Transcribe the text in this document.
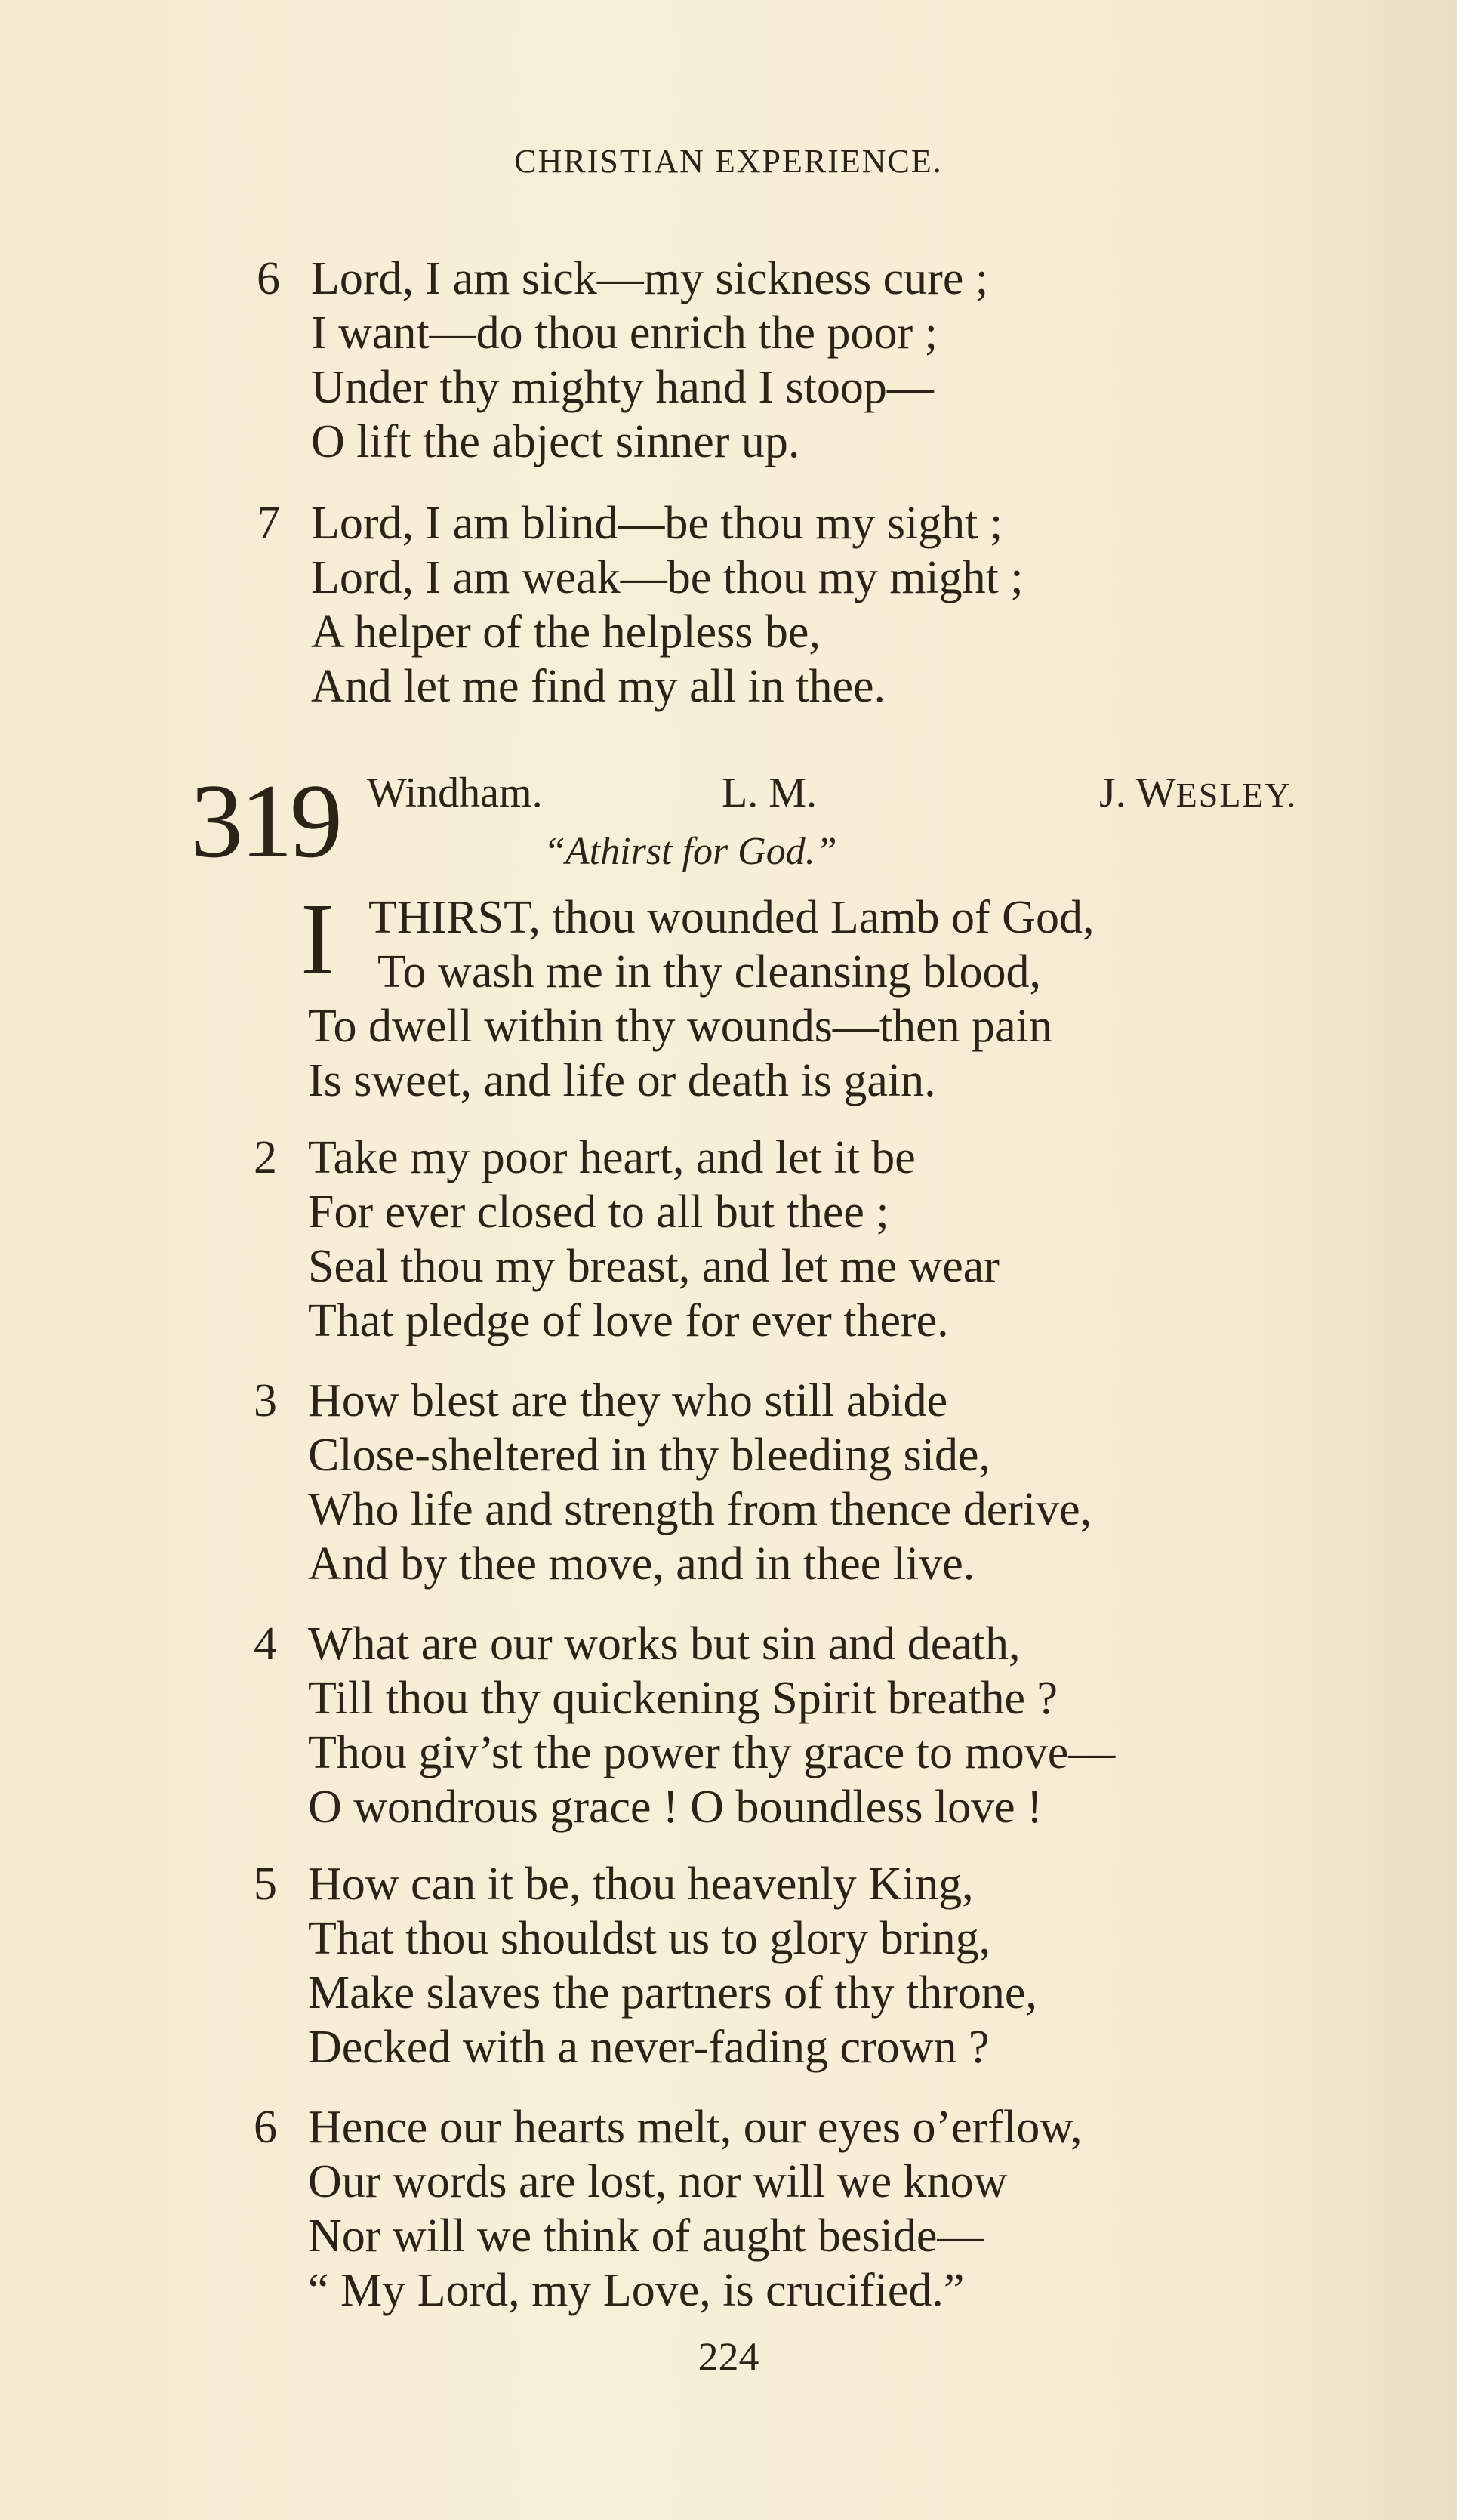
CHRISTIAN EXPERIENCE.
6 Lord, I am sick—my sickness cure ;
I want—do thou enrich the poor ;
Under thy mighty hand I stoop—
O lift the abject sinner up.
7 Lord, I am blind—be thou my sight ;
Lord, I am weak—be thou my might ;
A helper of the helpless be,
And let me find my all in thee.
319 Windham.	L. M.	J. WESLEY.
“Athirst for God.”
I THIRST, thou wounded Lamb of God,
To wash me in thy cleansing blood,
To dwell within thy wounds—then pain
Is sweet, and life or death is gain.
2 Take my poor heart, and let it be
For ever closed to all but thee ;
Seal thou my breast, and let me wear
That pledge of love for ever there.
3 How blest are they who still abide
Close-sheltered in thy bleeding side,
Who life and strength from thence derive,
And by thee move, and in thee live.
4 What are our works but sin and death,
Till thou thy quickening Spirit breathe ?
Thou giv’st the power thy grace to move—
O wondrous grace ! O boundless love !
5 How can it be, thou heavenly King,
That thou shouldst us to glory bring,
Make slaves the partners of thy throne,
Decked with a never-fading crown ?
6 Hence our hearts melt, our eyes o’erflow,
Our words are lost, nor will we know
Nor will we think of aught beside—
“ My Lord, my Love, is crucified.”
224
